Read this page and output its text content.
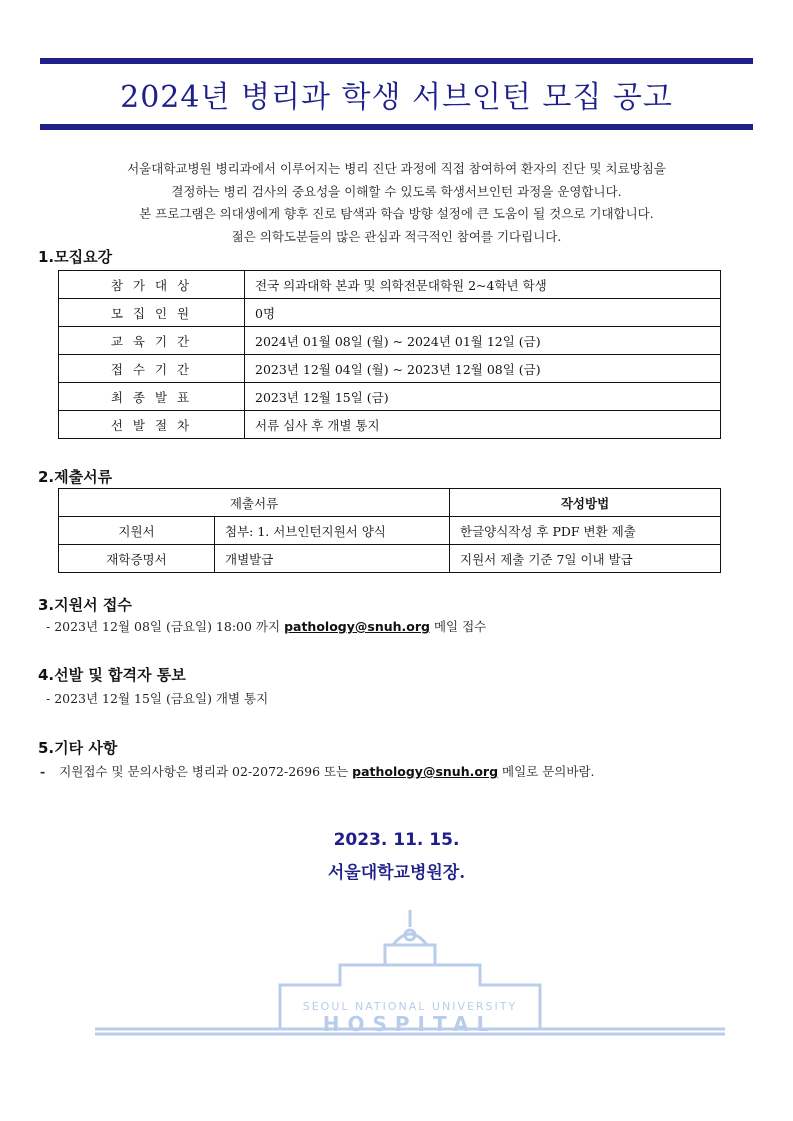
2024년 병리과 학생 서브인턴 모집 공고
서울대학교병원 병리과에서 이루어지는 병리 진단 과정에 직접 참여하여 환자의 진단 및 치료방침을
결정하는 병리 검사의 중요성을 이해할 수 있도록 학생서브인턴 과정을 운영합니다.
본 프로그램은 의대생에게 향후 진로 탐색과 학습 방향 설정에 큰 도움이 될 것으로 기대합니다.
젊은 의학도분들의 많은 관심과 적극적인 참여를 기다립니다.
1.모집요강
참 가 대 상	전국 의과대학 본과 및 의학전문대학원 2~4학년 학생
모 집 인 원	0명
교 육 기 간	2024년 01월 08일 (월) ~ 2024년 01월 12일 (금)
접 수 기 간	2023년 12월 04일 (월) ~ 2023년 12월 08일 (금)
최 종 발 표	2023년 12월 15일 (금)
선 발 절 차	서류 심사 후 개별 통지
2.제출서류
제출서류		작성방법
지원서	첨부: 1. 서브인턴지원서 양식	한글양식작성 후 PDF 변환 제출
재학증명서	개별발급	지원서 제출 기준 7일 이내 발급
3.지원서 접수
- 2023년 12월 08일 (금요일) 18:00 까지 pathology@snuh.org 메일 접수
4.선발 및 합격자 통보
- 2023년 12월 15일 (금요일) 개별 통지
5.기타 사항
- 지원접수 및 문의사항은 병리과 02-2072-2696 또는 pathology@snuh.org 메일로 문의바람.
2023. 11. 15.
서울대학교병원장.
SEOUL NATIONAL UNIVERSITY
HOSPITAL
